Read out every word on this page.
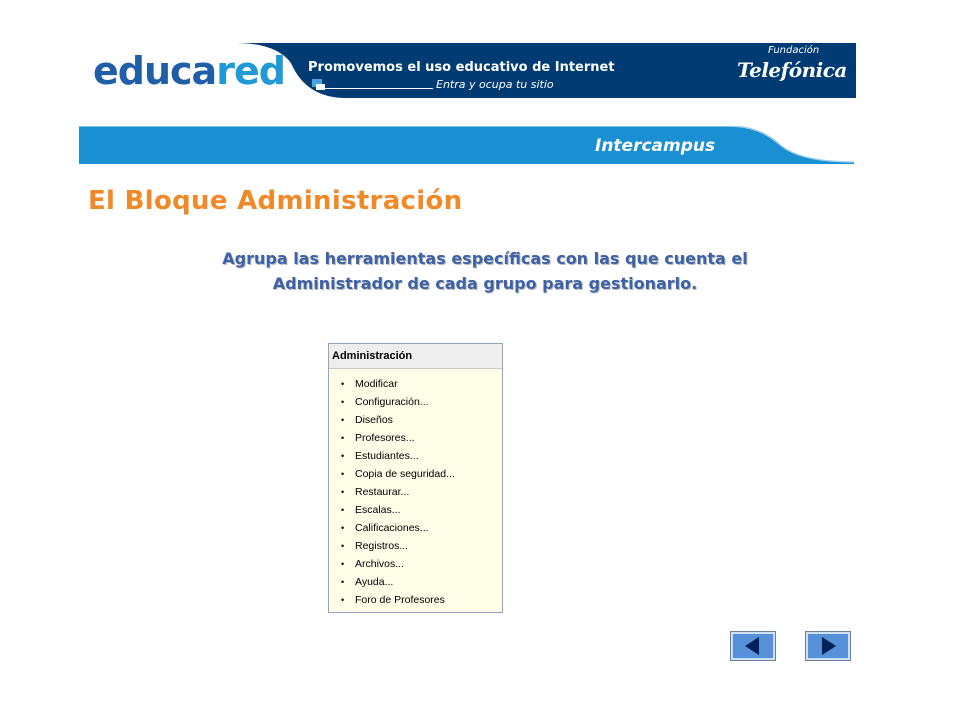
educared Promovemos el uso educativo de Internet
Entra y ocupa tu sitio
Fundación
Telefónica
Intercampus
El Bloque Administración
Agrupa las herramientas específicas con las que cuenta el
Administrador de cada grupo para gestionarlo.
Administración
• Modificar
• Configuración...
• Diseños
• Profesores...
• Estudiantes...
• Copia de seguridad...
• Restaurar...
• Escalas...
• Calificaciones...
• Registros...
• Archivos...
• Ayuda...
• Foro de Profesores
